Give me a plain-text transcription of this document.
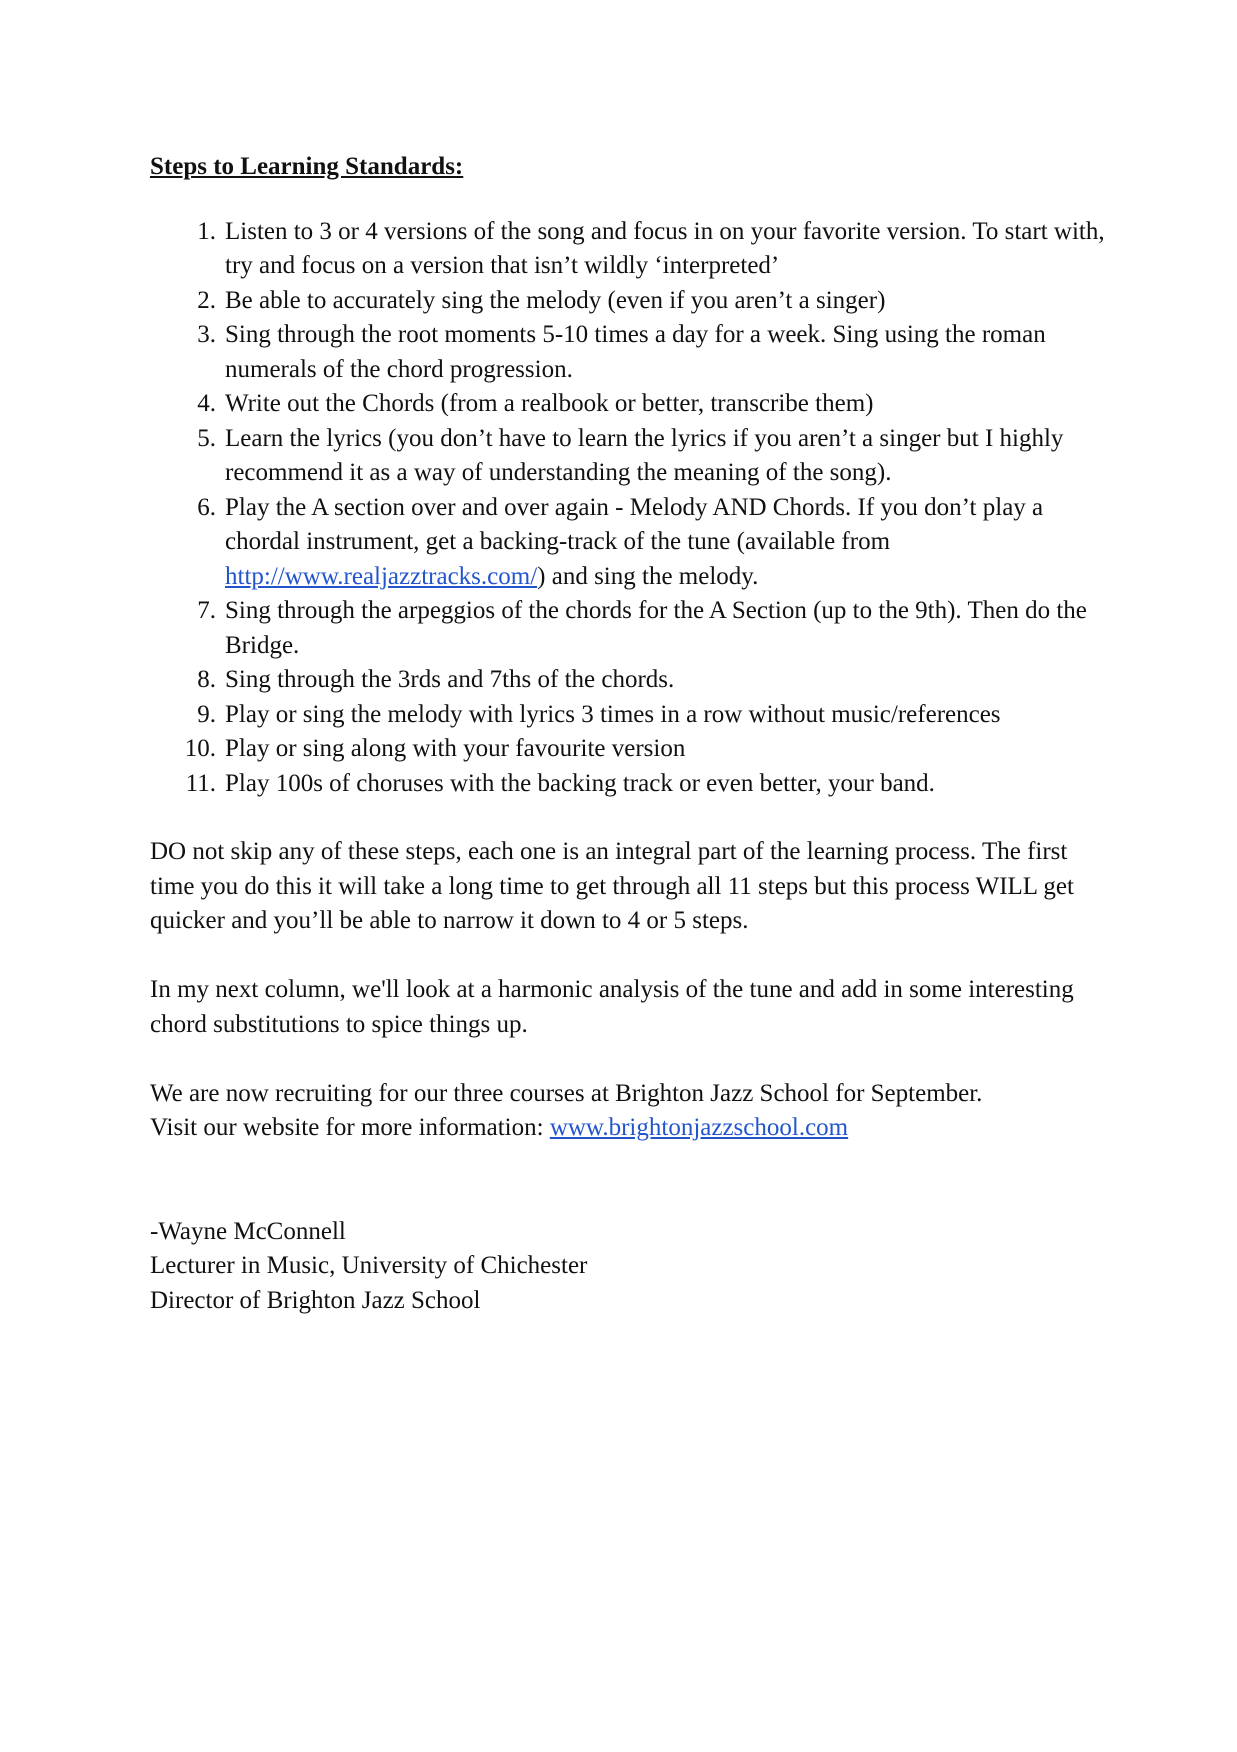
Steps to Learning Standards:
1. Listen to 3 or 4 versions of the song and focus in on your favorite version. To start with, try and focus on a version that isn’t wildly ‘interpreted’
2. Be able to accurately sing the melody (even if you aren’t a singer)
3. Sing through the root moments 5-10 times a day for a week. Sing using the roman numerals of the chord progression.
4. Write out the Chords (from a realbook or better, transcribe them)
5. Learn the lyrics (you don’t have to learn the lyrics if you aren’t a singer but I highly recommend it as a way of understanding the meaning of the song).
6. Play the A section over and over again - Melody AND Chords. If you don’t play a chordal instrument, get a backing-track of the tune (available from http://www.realjazztracks.com/) and sing the melody.
7. Sing through the arpeggios of the chords for the A Section (up to the 9th). Then do the Bridge.
8. Sing through the 3rds and 7ths of the chords.
9. Play or sing the melody with lyrics 3 times in a row without music/references
10. Play or sing along with your favourite version
11. Play 100s of choruses with the backing track or even better, your band.
DO not skip any of these steps, each one is an integral part of the learning process. The first time you do this it will take a long time to get through all 11 steps but this process WILL get quicker and you’ll be able to narrow it down to 4 or 5 steps.
In my next column, we'll look at a harmonic analysis of the tune and add in some interesting chord substitutions to spice things up.
We are now recruiting for our three courses at Brighton Jazz School for September.
Visit our website for more information: www.brightonjazzschool.com
-Wayne McConnell
Lecturer in Music, University of Chichester
Director of Brighton Jazz School
